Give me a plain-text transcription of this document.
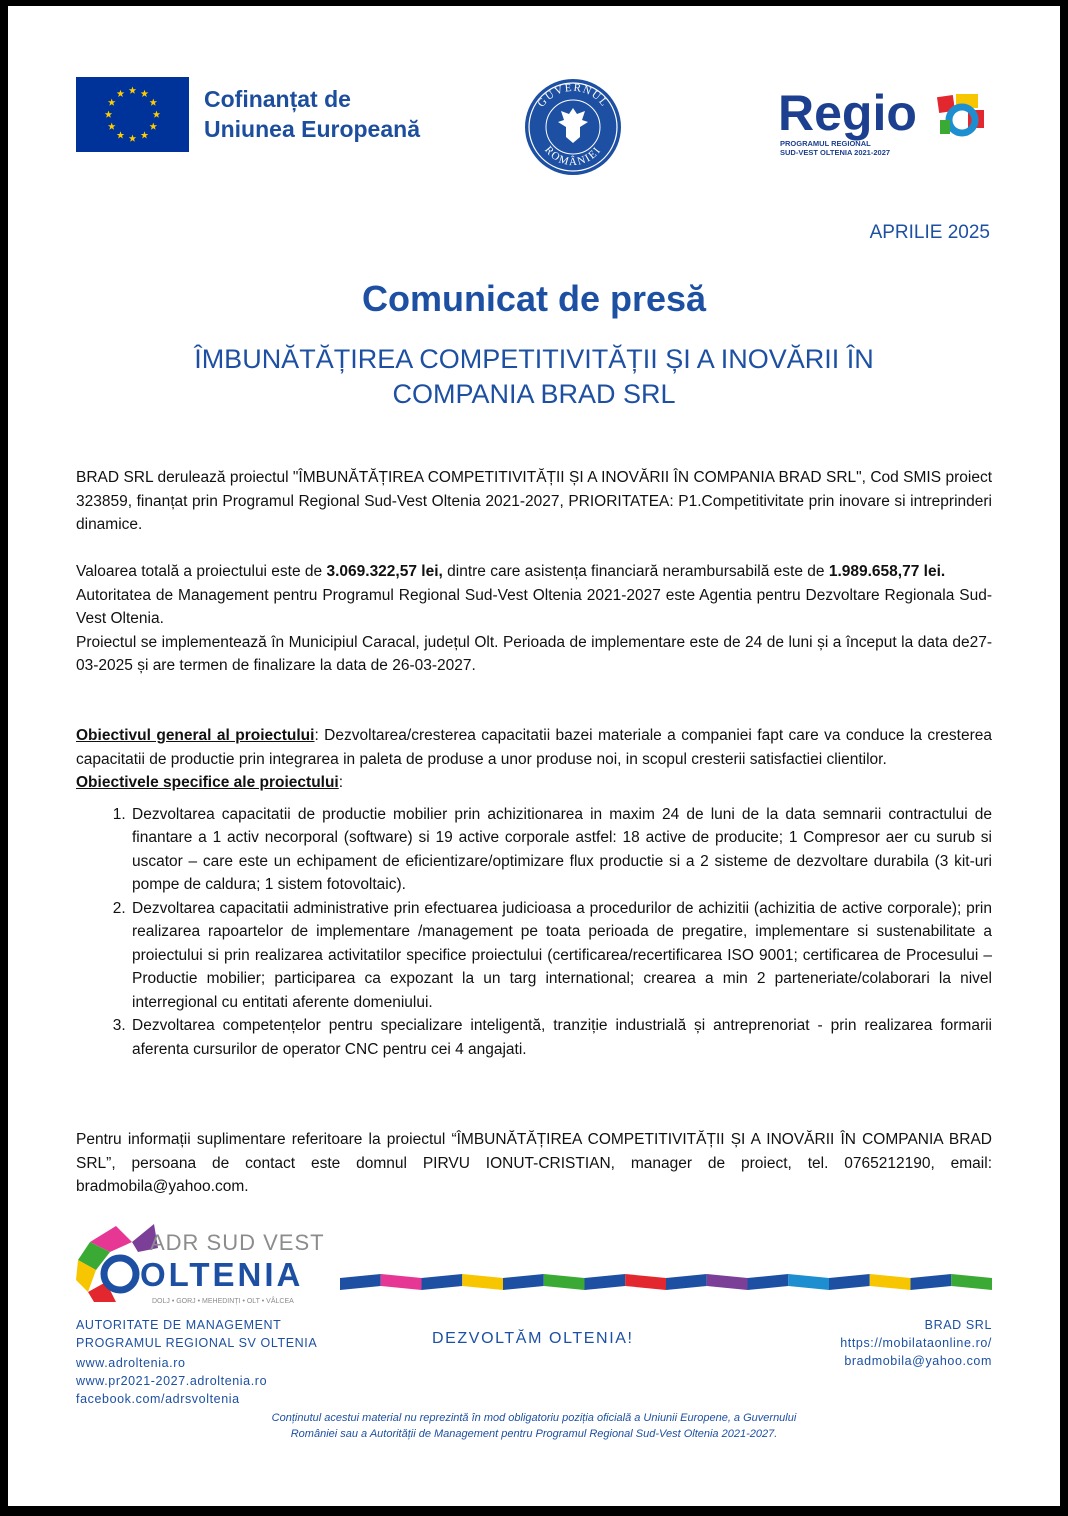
Cofinanțat de
Uniunea Europeană
GUVERNUL
ROMÂNIEI
Regio
PROGRAMUL REGIONAL
SUD-VEST OLTENIA 2021-2027
APRILIE 2025
Comunicat de presă
ÎMBUNĂTĂȚIREA COMPETITIVITĂȚII ȘI A INOVĂRII ÎN
COMPANIA BRAD SRL

BRAD SRL derulează proiectul "ÎMBUNĂTĂȚIREA COMPETITIVITĂȚII ȘI A INOVĂRII ÎN COMPANIA BRAD SRL", Cod SMIS proiect 323859, finanțat prin Programul Regional Sud-Vest Oltenia 2021-2027, PRIORITATEA: P1.Competitivitate prin inovare si intreprinderi dinamice.

Valoarea totală a proiectului este de 3.069.322,57 lei, dintre care asistența financiară nerambursabilă este de 1.989.658,77 lei.

Autoritatea de Management pentru Programul Regional Sud-Vest Oltenia 2021-2027 este Agentia pentru Dezvoltare Regionala Sud-Vest Oltenia.

Proiectul se implementează în Municipiul Caracal, județul Olt. Perioada de implementare este de 24 de luni și a început la data de27-03-2025 și are termen de finalizare la data de 26-03-2027.

Obiectivul general al proiectului: Dezvoltarea/cresterea capacitatii bazei materiale a companiei fapt care va conduce la cresterea capacitatii de productie prin integrarea in paleta de produse a unor produse noi, in scopul cresterii satisfactiei clientilor.

Obiectivele specifice ale proiectului:

1. Dezvoltarea capacitatii de productie mobilier prin achizitionarea in maxim 24 de luni de la data semnarii contractului de finantare a 1 activ necorporal (software) si 19 active corporale astfel: 18 active de producite; 1 Compresor aer cu surub si uscator – care este un echipament de eficientizare/optimizare flux productie si a 2 sisteme de dezvoltare durabila (3 kit-uri pompe de caldura; 1 sistem fotovoltaic).
2. Dezvoltarea capacitatii administrative prin efectuarea judicioasa a procedurilor de achizitii (achizitia de active corporale); prin realizarea rapoartelor de implementare /management pe toata perioada de pregatire, implementare si sustenabilitate a proiectului si prin realizarea activitatilor specifice proiectului (certificarea/recertificarea ISO 9001; certificarea de Procesului – Productie mobilier; participarea ca expozant la un targ international; crearea a min 2 parteneriate/colaborari la nivel interregional cu entitati aferente domeniului.
3. Dezvoltarea competențelor pentru specializare inteligentă, tranziție industrială și antreprenoriat - prin realizarea formarii aferenta cursurilor de operator CNC pentru cei 4 angajati.

Pentru informații suplimentare referitoare la proiectul “ÎMBUNĂTĂȚIREA COMPETITIVITĂȚII ȘI A INOVĂRII ÎN COMPANIA BRAD SRL”, persoana de contact este domnul PIRVU IONUT-CRISTIAN, manager de proiect, tel. 0765212190, email: bradmobila@yahoo.com.

ADR SUD VEST
OLTENIA
DOLJ • GORJ • MEHEDINȚI • OLT • VÂLCEA
AUTORITATE DE MANAGEMENT
PROGRAMUL REGIONAL SV OLTENIA
www.adroltenia.ro
www.pr2021-2027.adroltenia.ro
facebook.com/adrsvoltenia
DEZVOLTĂM OLTENIA!
BRAD SRL
https://mobilataonline.ro/
bradmobila@yahoo.com
Conținutul acestui material nu reprezintă în mod obligatoriu poziția oficială a Uniunii Europene, a Guvernului
României sau a Autorității de Management pentru Programul Regional Sud-Vest Oltenia 2021-2027.
